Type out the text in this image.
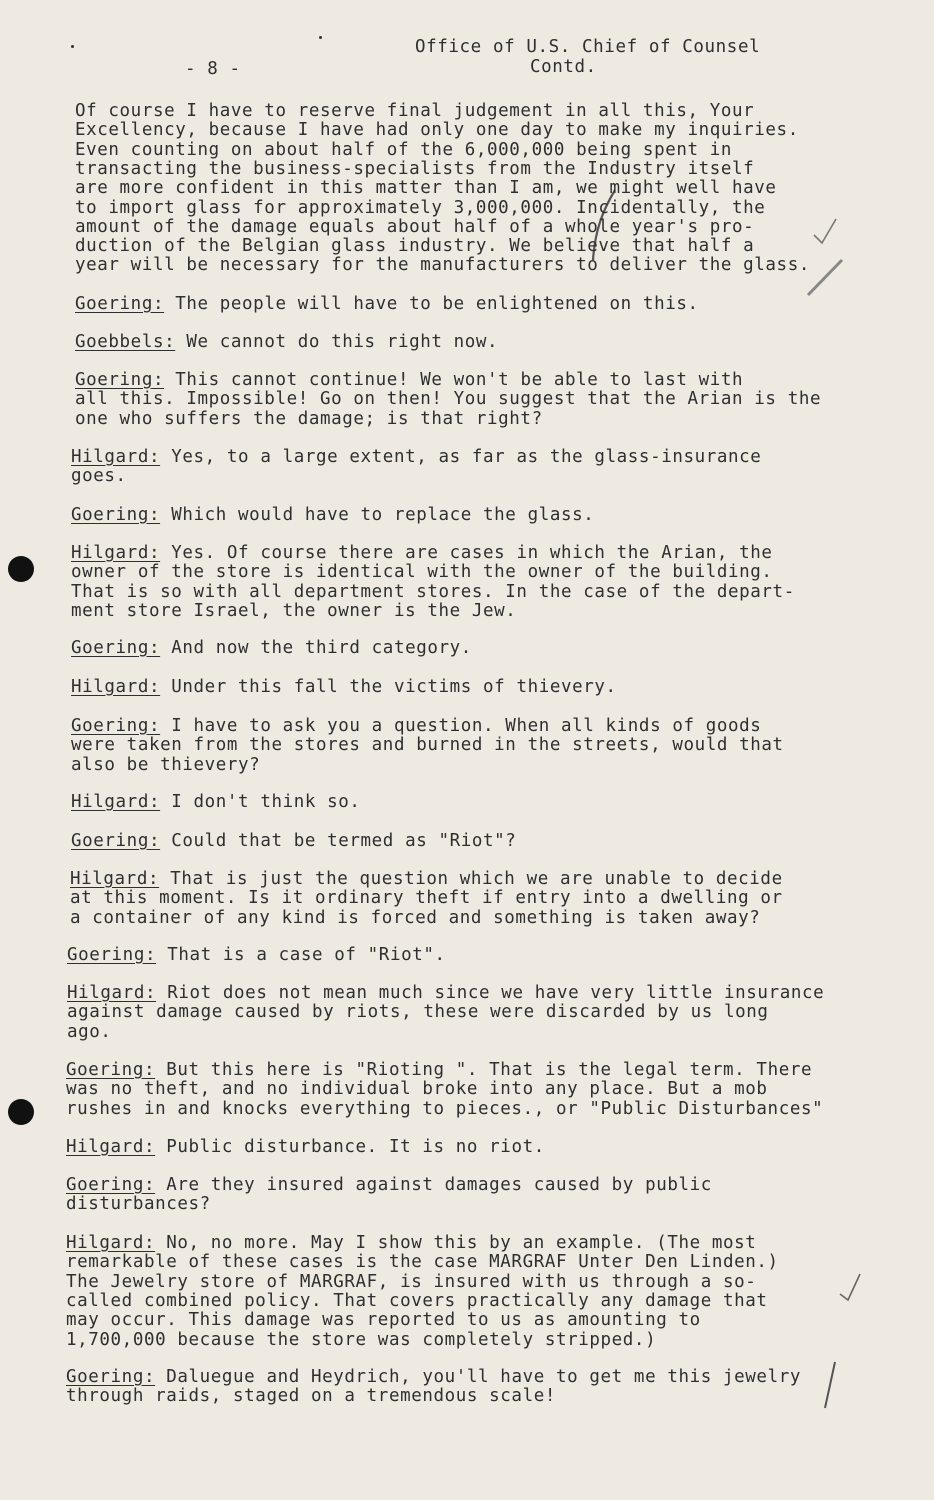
- 8 -
Office of U.S. Chief of Counsel
Contd.
Of course I have to reserve final judgement in all this, Your
Excellency, because I have had only one day to make my inquiries.
Even counting on about half of the 6,000,000 being spent in
transacting the business-specialists from the Industry itself
are more confident in this matter than I am, we might well have
to import glass for approximately 3,000,000. Incidentally, the
amount of the damage equals about half of a whole year's pro-
duction of the Belgian glass industry. We believe that half a
year will be necessary for the manufacturers to deliver the glass.
Goering: The people will have to be enlightened on this.
Goebbels: We cannot do this right now.
Goering: This cannot continue! We won't be able to last with
all this. Impossible! Go on then! You suggest that the Arian is the
one who suffers the damage; is that right?
Hilgard: Yes, to a large extent, as far as the glass-insurance
goes.
Goering: Which would have to replace the glass.
Hilgard: Yes. Of course there are cases in which the Arian, the
owner of the store is identical with the owner of the building.
That is so with all department stores. In the case of the depart-
ment store Israel, the owner is the Jew.
Goering: And now the third category.
Hilgard: Under this fall the victims of thievery.
Goering: I have to ask you a question. When all kinds of goods
were taken from the stores and burned in the streets, would that
also be thievery?
Hilgard: I don't think so.
Goering: Could that be termed as "Riot"?
Hilgard: That is just the question which we are unable to decide
at this moment. Is it ordinary theft if entry into a dwelling or
a container of any kind is forced and something is taken away?
Goering: That is a case of "Riot".
Hilgard: Riot does not mean much since we have very little insurance
against damage caused by riots, these were discarded by us long
ago.
Goering: But this here is "Rioting ". That is the legal term. There
was no theft, and no individual broke into any place. But a mob
rushes in and knocks everything to pieces., or "Public Disturbances"
Hilgard: Public disturbance. It is no riot.
Goering: Are they insured against damages caused by public
disturbances?
Hilgard: No, no more. May I show this by an example. (The most
remarkable of these cases is the case MARGRAF Unter Den Linden.)
The Jewelry store of MARGRAF, is insured with us through a so-
called combined policy. That covers practically any damage that
may occur. This damage was reported to us as amounting to
1,700,000 because the store was completely stripped.)
Goering: Daluegue and Heydrich, you'll have to get me this jewelry
through raids, staged on a tremendous scale!
